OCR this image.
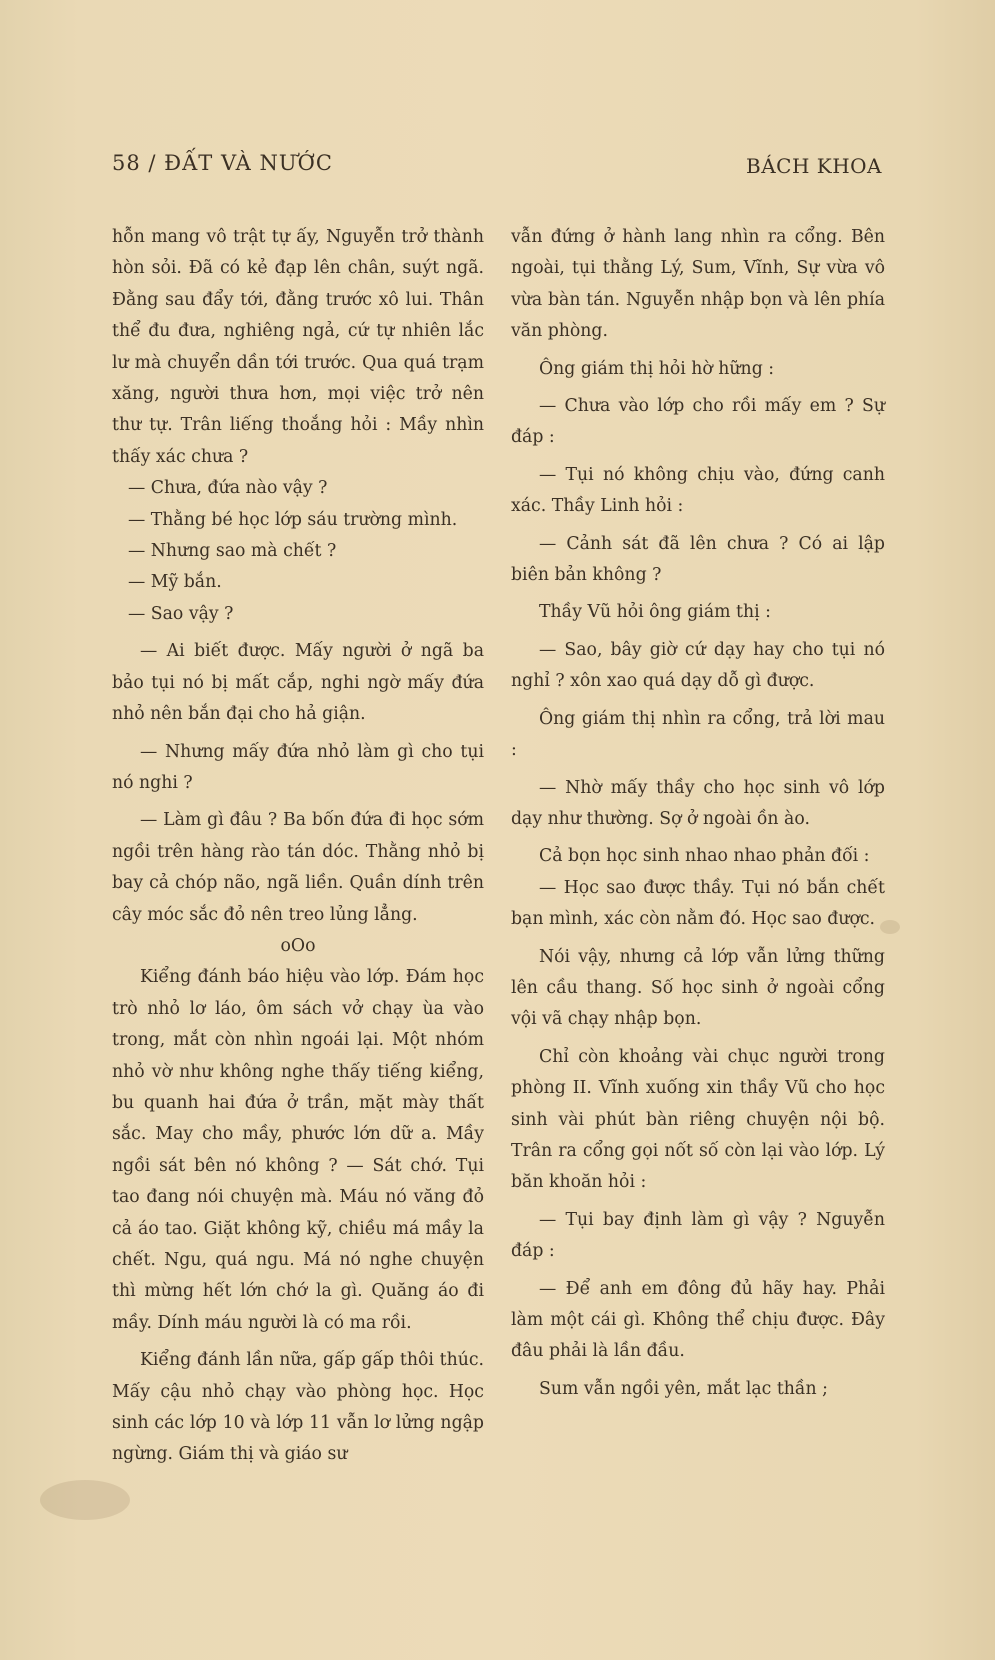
58 / ĐẤT VÀ NƯỚC	BÁCH KHOA

hỗn mang vô trật tự ấy, Nguyễn trở thành hòn sỏi. Đã có kẻ đạp lên chân, suýt ngã. Đằng sau đẩy tới, đằng trước xô lui. Thân thể đu đưa, nghiêng ngả, cứ tự nhiên lắc lư mà chuyển dần tới trước. Qua quá trạm xăng, người thưa hơn, mọi việc trở nên thư tự. Trân liếng thoắng hỏi : Mầy nhìn thấy xác chưa ?

— Chưa, đứa nào vậy ?

— Thằng bé học lớp sáu trường mình.

— Nhưng sao mà chết ?

— Mỹ bắn.

— Sao vậy ?

— Ai biết được. Mấy người ở ngã ba bảo tụi nó bị mất cắp, nghi ngờ mấy đứa nhỏ nên bắn đại cho hả giận.

— Nhưng mấy đứa nhỏ làm gì cho tụi nó nghi ?

— Làm gì đâu ? Ba bốn đứa đi học sớm ngồi trên hàng rào tán dóc. Thằng nhỏ bị bay cả chóp não, ngã liền. Quần dính trên cây móc sắc đỏ nên treo lủng lẳng.

oOo

Kiểng đánh báo hiệu vào lớp. Đám học trò nhỏ lơ láo, ôm sách vở chạy ùa vào trong, mắt còn nhìn ngoái lại. Một nhóm nhỏ vờ như không nghe thấy tiếng kiểng, bu quanh hai đứa ở trần, mặt mày thất sắc. May cho mầy, phước lớn dữ a. Mầy ngồi sát bên nó không ? — Sát chớ. Tụi tao đang nói chuyện mà. Máu nó văng đỏ cả áo tao. Giặt không kỹ, chiều má mầy la chết. Ngu, quá ngu. Má nó nghe chuyện thì mừng hết lớn chớ la gì. Quăng áo đi mầy. Dính máu người là có ma rồi.

Kiểng đánh lần nữa, gấp gấp thôi thúc. Mấy cậu nhỏ chạy vào phòng học. Học sinh các lớp 10 và lớp 11 vẫn lơ lửng ngập ngừng. Giám thị và giáo sư

vẫn đứng ở hành lang nhìn ra cổng. Bên ngoài, tụi thằng Lý, Sum, Vĩnh, Sự vừa vô vừa bàn tán. Nguyễn nhập bọn và lên phía văn phòng.

Ông giám thị hỏi hờ hững :

— Chưa vào lớp cho rồi mấy em ? Sự đáp :

— Tụi nó không chịu vào, đứng canh xác. Thầy Linh hỏi :

— Cảnh sát đã lên chưa ? Có ai lập biên bản không ?

Thầy Vũ hỏi ông giám thị :

— Sao, bây giờ cứ dạy hay cho tụi nó nghỉ ? xôn xao quá dạy dỗ gì được.

Ông giám thị nhìn ra cổng, trả lời mau :

— Nhờ mấy thầy cho học sinh vô lớp dạy như thường. Sợ ở ngoài ồn ào.

Cả bọn học sinh nhao nhao phản đối :

— Học sao được thầy. Tụi nó bắn chết bạn mình, xác còn nằm đó. Học sao được.

Nói vậy, nhưng cả lớp vẫn lửng thững lên cầu thang. Số học sinh ở ngoài cổng vội vã chạy nhập bọn.

Chỉ còn khoảng vài chục người trong phòng II. Vĩnh xuống xin thầy Vũ cho học sinh vài phút bàn riêng chuyện nội bộ. Trân ra cổng gọi nốt số còn lại vào lớp. Lý băn khoăn hỏi :

— Tụi bay định làm gì vậy ? Nguyễn đáp :

— Để anh em đông đủ hãy hay. Phải làm một cái gì. Không thể chịu được. Đây đâu phải là lần đầu.

Sum vẫn ngồi yên, mắt lạc thần ;
